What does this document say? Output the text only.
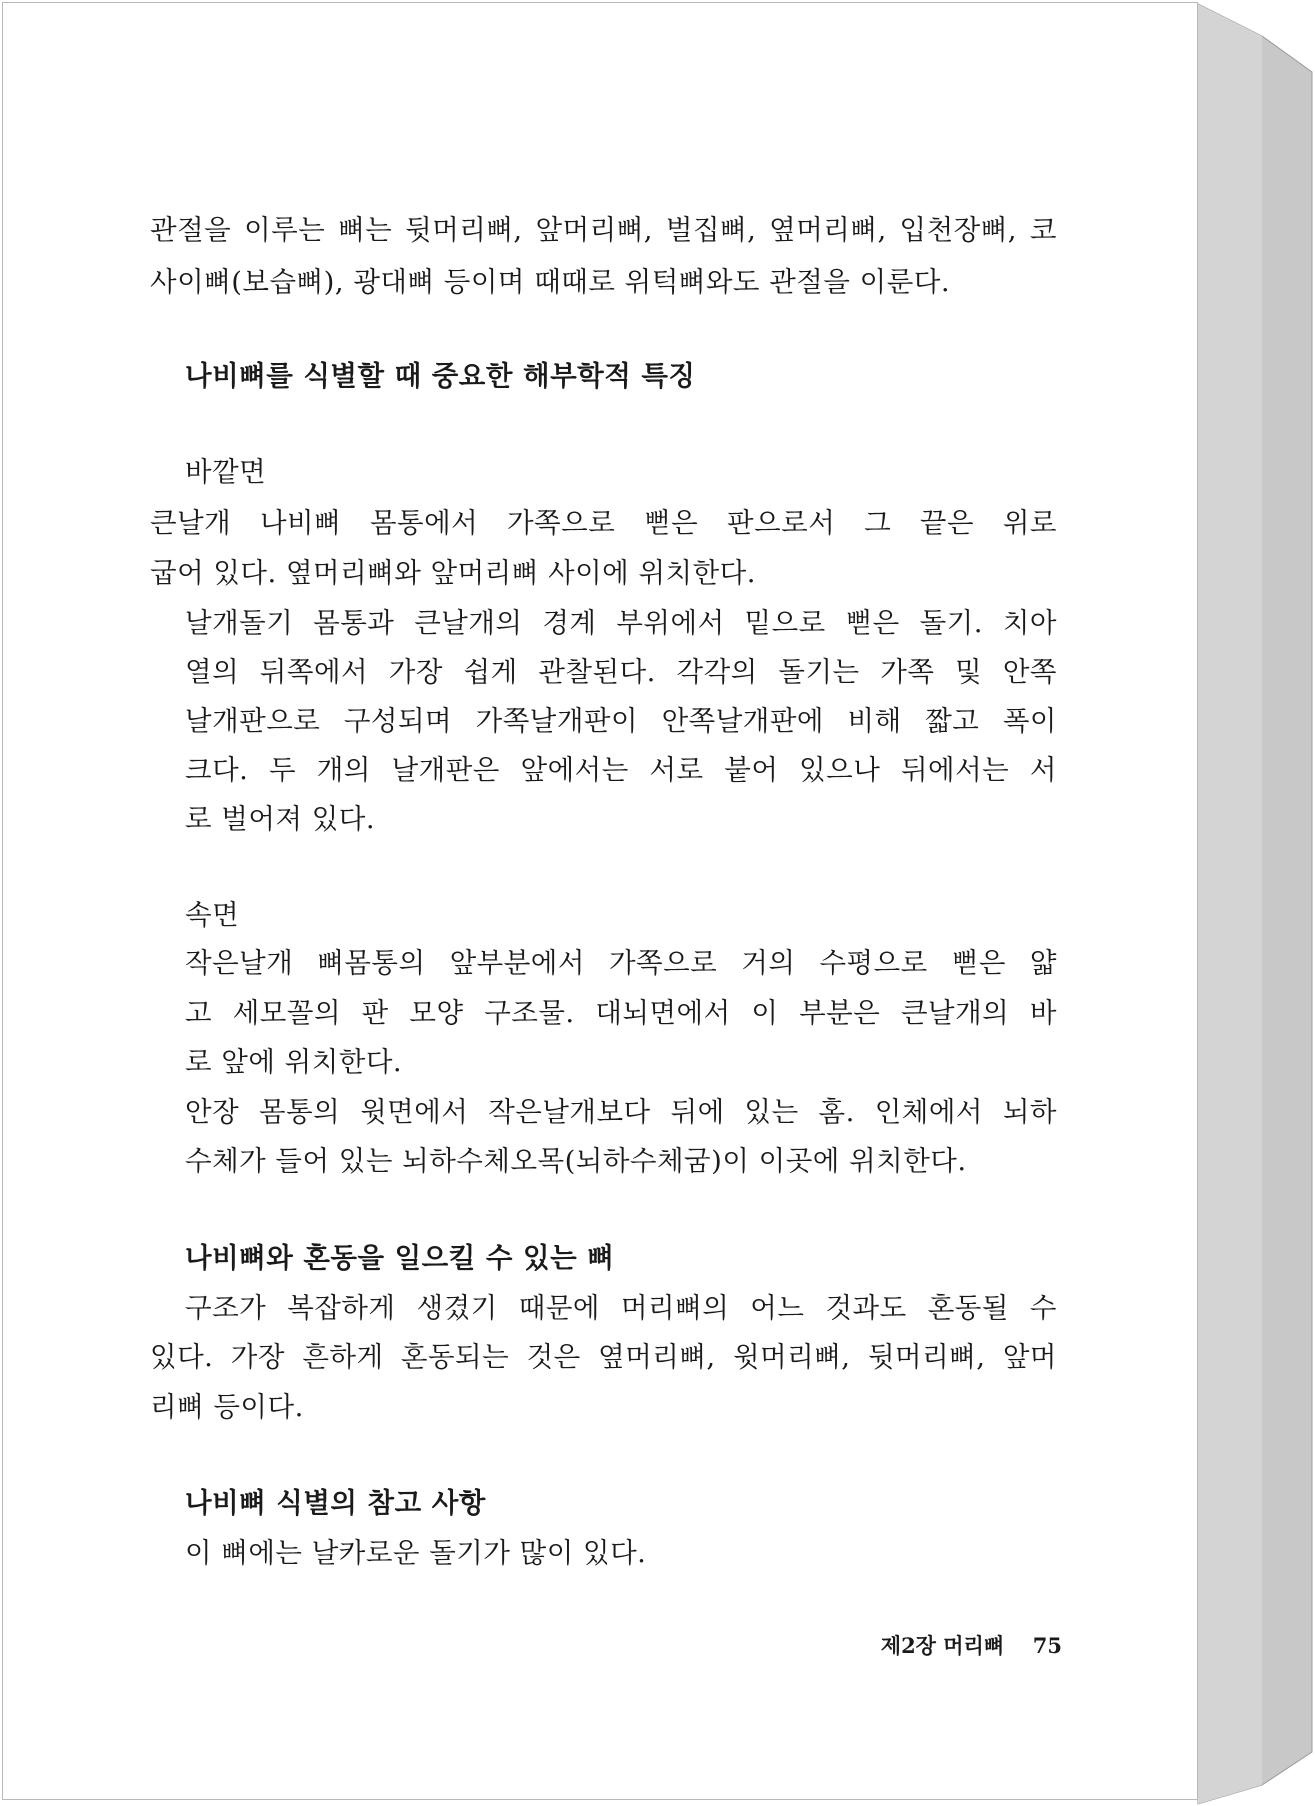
관절을 이루는 뼈는 뒷머리뼈, 앞머리뼈, 벌집뼈, 옆머리뼈, 입천장뼈, 코
사이뼈(보습뼈), 광대뼈 등이며 때때로 위턱뼈와도 관절을 이룬다.
나비뼈를 식별할 때 중요한 해부학적 특징
바깥면
큰날개 나비뼈 몸통에서 가쪽으로 뻗은 판으로서 그 끝은 위로
굽어 있다. 옆머리뼈와 앞머리뼈 사이에 위치한다.
날개돌기 몸통과 큰날개의 경계 부위에서 밑으로 뻗은 돌기. 치아
열의 뒤쪽에서 가장 쉽게 관찰된다. 각각의 돌기는 가쪽 및 안쪽
날개판으로 구성되며 가쪽날개판이 안쪽날개판에 비해 짧고 폭이
크다. 두 개의 날개판은 앞에서는 서로 붙어 있으나 뒤에서는 서
로 벌어져 있다.
속면
작은날개 뼈몸통의 앞부분에서 가쪽으로 거의 수평으로 뻗은 얇
고 세모꼴의 판 모양 구조물. 대뇌면에서 이 부분은 큰날개의 바
로 앞에 위치한다.
안장 몸통의 윗면에서 작은날개보다 뒤에 있는 홈. 인체에서 뇌하
수체가 들어 있는 뇌하수체오목(뇌하수체굼)이 이곳에 위치한다.
나비뼈와 혼동을 일으킬 수 있는 뼈
구조가 복잡하게 생겼기 때문에 머리뼈의 어느 것과도 혼동될 수
있다. 가장 흔하게 혼동되는 것은 옆머리뼈, 윗머리뼈, 뒷머리뼈, 앞머
리뼈 등이다.
나비뼈 식별의 참고 사항
이 뼈에는 날카로운 돌기가 많이 있다.
제2장 머리뼈 75
